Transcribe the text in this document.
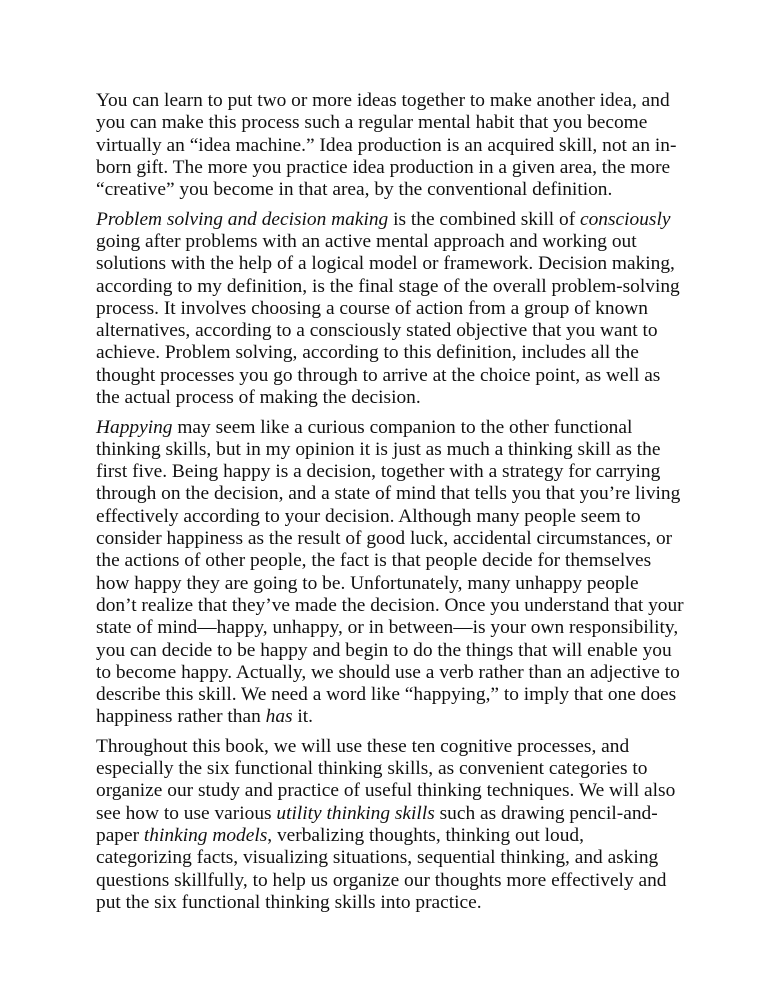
You can learn to put two or more ideas together to make another idea, and you can make this process such a regular mental habit that you become virtually an “idea machine.” Idea production is an acquired skill, not an inborn gift. The more you practice idea production in a given area, the more “creative” you become in that area, by the conventional definition.

Problem solving and decision making is the combined skill of consciously going after problems with an active mental approach and working out solutions with the help of a logical model or framework. Decision making, according to my definition, is the final stage of the overall problem-solving process. It involves choosing a course of action from a group of known alternatives, according to a consciously stated objective that you want to achieve. Problem solving, according to this definition, includes all the thought processes you go through to arrive at the choice point, as well as the actual process of making the decision.

Happying may seem like a curious companion to the other functional thinking skills, but in my opinion it is just as much a thinking skill as the first five. Being happy is a decision, together with a strategy for carrying through on the decision, and a state of mind that tells you that you’re living effectively according to your decision. Although many people seem to consider happiness as the result of good luck, accidental circumstances, or the actions of other people, the fact is that people decide for themselves how happy they are going to be. Unfortunately, many unhappy people don’t realize that they’ve made the decision. Once you understand that your state of mind—happy, unhappy, or in between—is your own responsibility, you can decide to be happy and begin to do the things that will enable you to become happy. Actually, we should use a verb rather than an adjective to describe this skill. We need a word like “happying,” to imply that one does happiness rather than has it.

Throughout this book, we will use these ten cognitive processes, and especially the six functional thinking skills, as convenient categories to organize our study and practice of useful thinking techniques. We will also see how to use various utility thinking skills such as drawing pencil-and-paper thinking models, verbalizing thoughts, thinking out loud, categorizing facts, visualizing situations, sequential thinking, and asking questions skillfully, to help us organize our thoughts more effectively and put the six functional thinking skills into practice.
